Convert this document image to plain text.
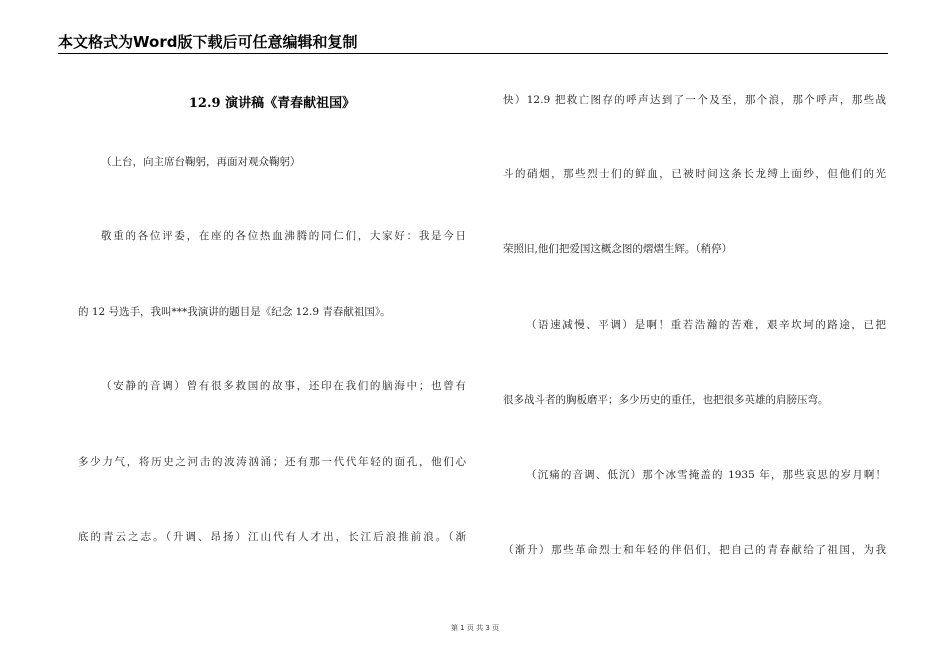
本文格式为Word版下载后可任意编辑和复制
12.9 演讲稿《青春献祖国》
（上台，向主席台鞠躬，再面对观众鞠躬）
敬重的各位评委，在座的各位热血沸腾的同仁们，大家好：我是今日
的 12 号选手，我叫***我演讲的题目是《纪念 12.9 青春献祖国》。
（安静的音调）曾有很多救国的故事，还印在我们的脑海中；也曾有
多少力气，将历史之河击的波涛汹涌；还有那一代代年轻的面孔，他们心
底的青云之志。（升调、昂扬）江山代有人才出，长江后浪推前浪。（渐
快）12.9 把救亡图存的呼声达到了一个及至，那个浪，那个呼声，那些战
斗的硝烟，那些烈士们的鲜血，已被时间这条长龙缚上面纱，但他们的光
荣照旧,他们把爱国这概念图的熠熠生辉。（稍停）
（语速减慢、平调）是啊！重若浩瀚的苦难，艰辛坎坷的路途，已把
很多战斗者的胸板磨平；多少历史的重任，也把很多英雄的肩膀压弯。
（沉痛的音调、低沉）那个冰雪掩盖的 1935 年，那些哀思的岁月啊！
（渐升）那些革命烈士和年轻的伴侣们，把自己的青春献给了祖国，为我
第 1 页 共 3 页
